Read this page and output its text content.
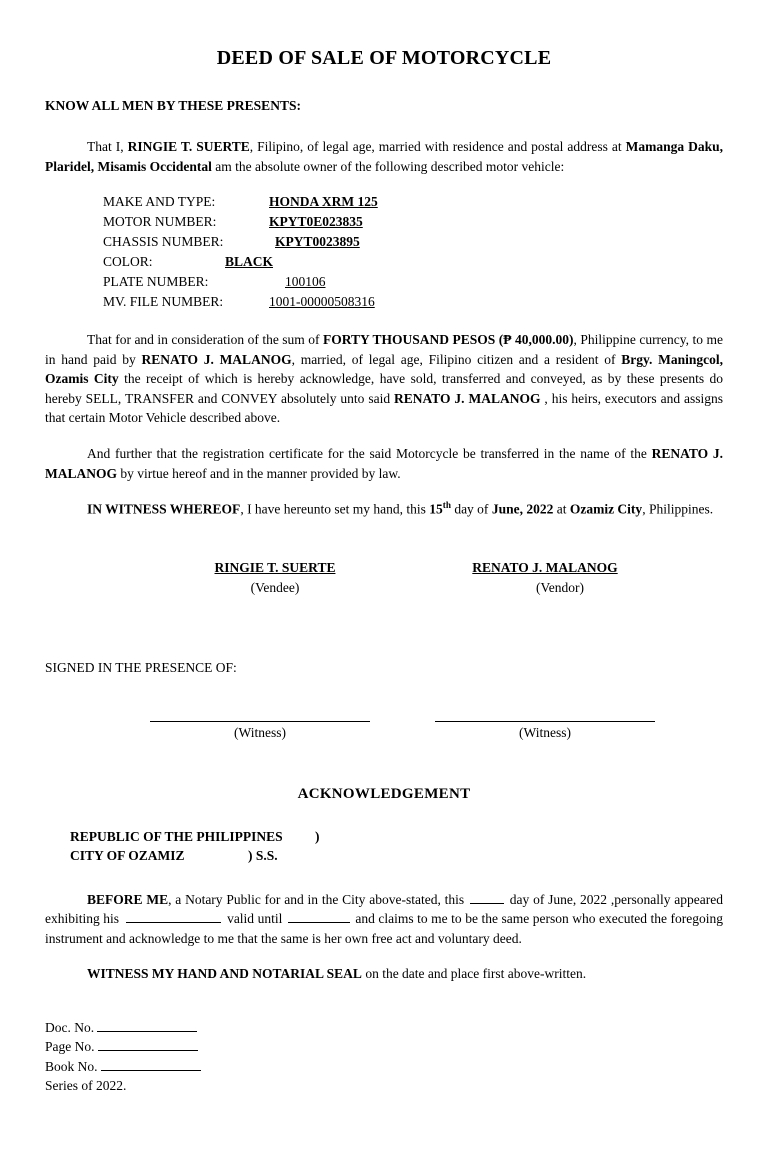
DEED OF SALE OF MOTORCYCLE
KNOW ALL MEN BY THESE PRESENTS:

That I, RINGIE T. SUERTE, Filipino, of legal age, married with residence and postal address at Mamanga Daku, Plaridel, Misamis Occidental am the absolute owner of the following described motor vehicle:

MAKE AND TYPE:	HONDA XRM 125
MOTOR NUMBER:	KPYT0E023835
CHASSIS NUMBER:	KPYT0023895
COLOR:	BLACK
PLATE NUMBER:	100106
MV. FILE NUMBER:	1001-00000508316

That for and in consideration of the sum of FORTY THOUSAND PESOS (₱ 40,000.00), Philippine currency, to me in hand paid by RENATO J. MALANOG, married, of legal age, Filipino citizen and a resident of Brgy. Maningcol, Ozamis City the receipt of which is hereby acknowledge, have sold, transferred and conveyed, as by these presents do hereby SELL, TRANSFER and CONVEY absolutely unto said RENATO J. MALANOG , his heirs, executors and assigns that certain Motor Vehicle described above.

And further that the registration certificate for the said Motorcycle be transferred in the name of the RENATO J. MALANOG by virtue hereof and in the manner provided by law.

IN WITNESS WHEREOF, I have hereunto set my hand, this 15th day of June, 2022 at Ozamiz City, Philippines.

RINGIE T. SUERTE
(Vendee)
RENATO J. MALANOG
(Vendor)
SIGNED IN THE PRESENCE OF:
(Witness)	(Witness)
ACKNOWLEDGEMENT
REPUBLIC OF THE PHILIPPINES	)
CITY OF OZAMIZ	) S.S.

BEFORE ME, a Notary Public for and in the City above-stated, this	day of June, 2022 ,personally appeared exhibiting his	valid until	and claims to me to be the same person who executed the foregoing instrument and acknowledge to me that the same is her own free act and voluntary deed.

WITNESS MY HAND AND NOTARIAL SEAL on the date and place first above-written.

Doc. No.
Page No.
Book No.
Series of 2022.
